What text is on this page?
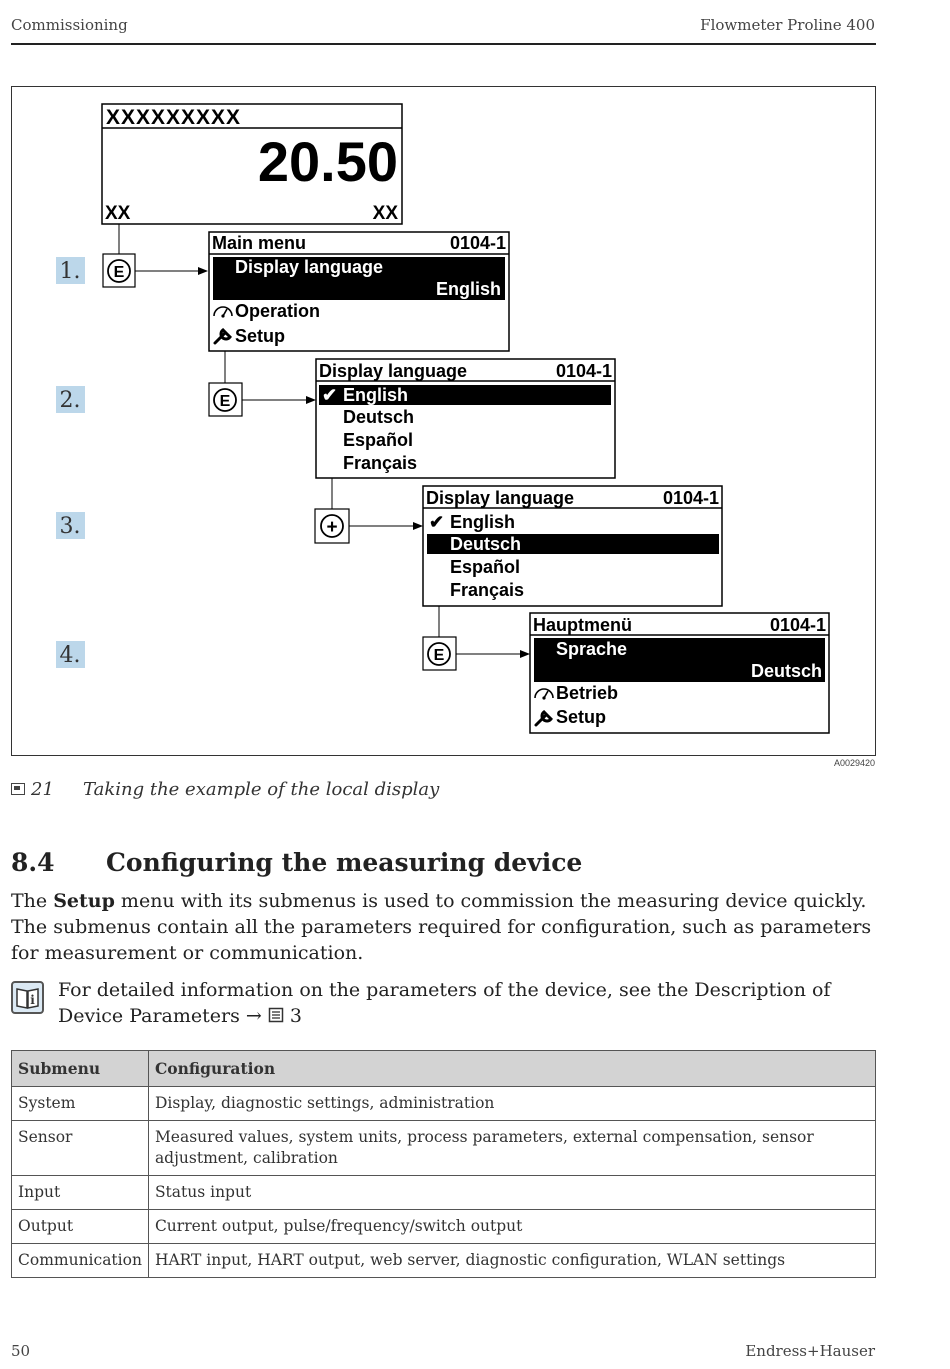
Commissioning	Flowmeter Proline 400
1.
2.
3.
4.
XXXXXXXXX
20.50
XX	XX
E
E
+
E
Main menu	0104-1
Display language
English
Operation
Setup
Display language	0104-1
✔ English
Deutsch
Español
Français
Display language	0104-1
✔ English
Deutsch
Español
Français
Hauptmenü	0104-1
Sprache
Deutsch
Betrieb
Setup
A0029420
21 Taking the example of the local display
8.4 Configuring the measuring device
The Setup menu with its submenus is used to commission the measuring device quickly. The submenus contain all the parameters required for configuration, such as parameters for measurement or communication.
i For detailed information on the parameters of the device, see the Description of Device Parameters → 3
Submenu	Configuration
System	Display, diagnostic settings, administration
Sensor	Measured values, system units, process parameters, external compensation, sensor adjustment, calibration
Input	Status input
Output	Current output, pulse/frequency/switch output
Communication	HART input, HART output, web server, diagnostic configuration, WLAN settings
50	Endress+Hauser
